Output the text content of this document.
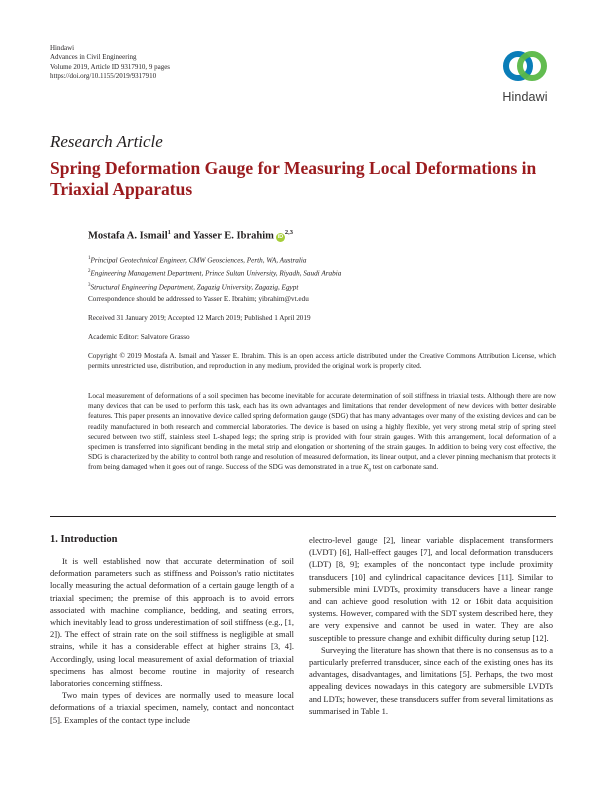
Hindawi
Advances in Civil Engineering
Volume 2019, Article ID 9317910, 9 pages
https://doi.org/10.1155/2019/9317910
Hindawi
Research Article
Spring Deformation Gauge for Measuring Local Deformations in Triaxial Apparatus
Mostafa A. Ismail$^1$ and Yasser E. Ibrahim iD$^{2,3}$
$^1$Principal Geotechnical Engineer, CMW Geosciences, Perth, WA, Australia
$^2$Engineering Management Department, Prince Sultan University, Riyadh, Saudi Arabia
$^3$Structural Engineering Department, Zagazig University, Zagazig, Egypt
Correspondence should be addressed to Yasser E. Ibrahim; yibrahim@vt.edu
Received 31 January 2019; Accepted 12 March 2019; Published 1 April 2019
Academic Editor: Salvatore Grasso
Copyright © 2019 Mostafa A. Ismail and Yasser E. Ibrahim. This is an open access article distributed under the Creative Commons Attribution License, which permits unrestricted use, distribution, and reproduction in any medium, provided the original work is properly cited.
Local measurement of deformations of a soil specimen has become inevitable for accurate determination of soil stiffness in triaxial tests. Although there are now many devices that can be used to perform this task, each has its own advantages and limitations that render development of new devices with better desirable features. This paper presents an innovative device called spring deformation gauge (SDG) that has many advantages over many of the existing devices and can be readily manufactured in both research and commercial laboratories. The device is based on using a highly flexible, yet very strong metal strip of spring steel secured between two stiff, stainless steel L-shaped legs; the spring strip is provided with four strain gauges. With this arrangement, local deformation of a specimen is transferred into significant bending in the metal strip and elongation or shortening of the strain gauges. In addition to being very cost effective, the SDG is characterized by the ability to control both range and resolution of measured deformation, its linear output, and a clever pinning mechanism that protects it from being damaged when it goes out of range. Success of the SDG was demonstrated in a true $K_0$ test on carbonate sand.
1. Introduction

It is well established now that accurate determination of soil deformation parameters such as stiffness and Poisson's ratio nictitates locally measuring the actual deformation of a certain gauge length of a triaxial specimen; the premise of this approach is to avoid errors associated with machine compliance, bedding, and seating errors, which inevitably lead to gross underestimation of soil stiffness (e.g., [1, 2]). The effect of strain rate on the soil stiffness is negligible at small strains, while it has a considerable effect at higher strains [3, 4]. Accordingly, using local measurement of axial deformation of triaxial specimens has almost become routine in majority of research laboratories concerning stiffness.

Two main types of devices are normally used to measure local deformations of a triaxial specimen, namely, contact and noncontact [5]. Examples of the contact type include

electro-level gauge [2], linear variable displacement transformers (LVDT) [6], Hall-effect gauges [7], and local deformation transducers (LDT) [8, 9]; examples of the noncontact type include proximity transducers [10] and cylindrical capacitance devices [11]. Similar to submersible mini LVDTs, proximity transducers have a linear range and can achieve good resolution with 12 or 16bit data acquisition systems. However, compared with the SDT system described here, they are very expensive and cannot be used in water. They are also susceptible to pressure change and exhibit difficulty during setup [12].

Surveying the literature has shown that there is no consensus as to a particularly preferred transducer, since each of the existing ones has its advantages, disadvantages, and limitations [5]. Perhaps, the two most appealing devices nowadays in this category are submersible LVDTs and LDTs; however, these transducers suffer from several limitations as summarised in Table 1.
